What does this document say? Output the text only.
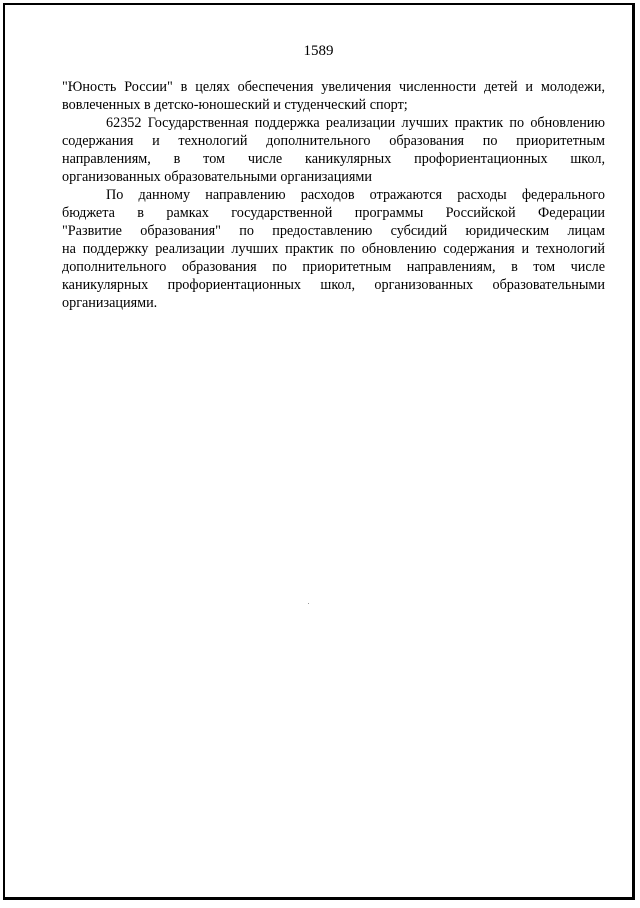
1589
"Юность России" в целях обеспечения увеличения численности детей и молодежи,
вовлеченных в детско-юношеский и студенческий спорт;
62352 Государственная поддержка реализации лучших практик по обновлению
содержания и технологий дополнительного образования по приоритетным
направлениям, в том числе каникулярных профориентационных школ,
организованных образовательными организациями
По данному направлению расходов отражаются расходы федерального
бюджета в рамках государственной программы Российской Федерации
"Развитие образования" по предоставлению субсидий юридическим лицам
на поддержку реализации лучших практик по обновлению содержания и технологий
дополнительного образования по приоритетным направлениям, в том числе
каникулярных профориентационных школ, организованных образовательными
организациями.
